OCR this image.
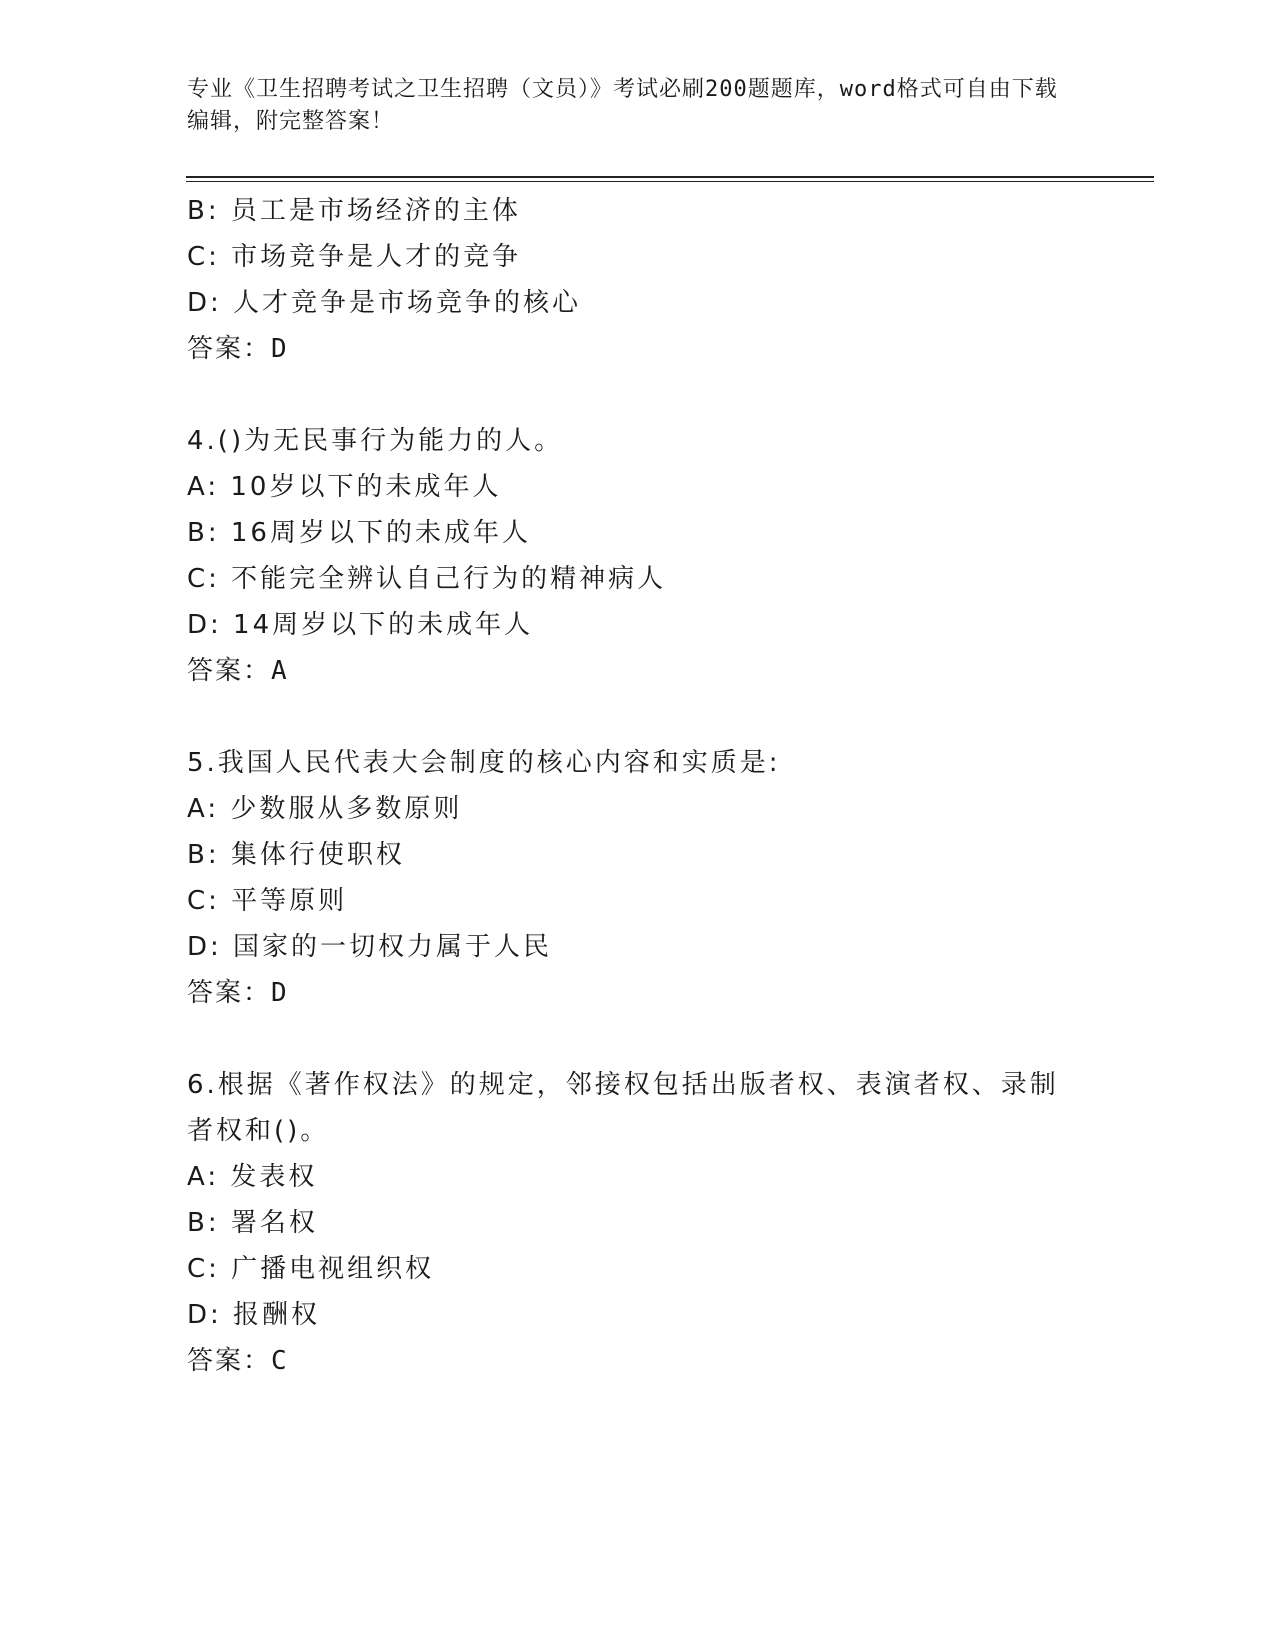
专业《卫生招聘考试之卫生招聘（文员）》考试必刷200题题库，word格式可自由下载编辑，附完整答案！
B: 员工是市场经济的主体
C: 市场竞争是人才的竞争
D: 人才竞争是市场竞争的核心
答案：D
4.()为无民事行为能力的人。
A: 10岁以下的未成年人
B: 16周岁以下的未成年人
C: 不能完全辨认自己行为的精神病人
D: 14周岁以下的未成年人
答案：A
5.我国人民代表大会制度的核心内容和实质是:
A: 少数服从多数原则
B: 集体行使职权
C: 平等原则
D: 国家的一切权力属于人民
答案：D
6.根据《著作权法》的规定，邻接权包括出版者权、表演者权、录制者权和()。
A: 发表权
B: 署名权
C: 广播电视组织权
D: 报酬权
答案：C
